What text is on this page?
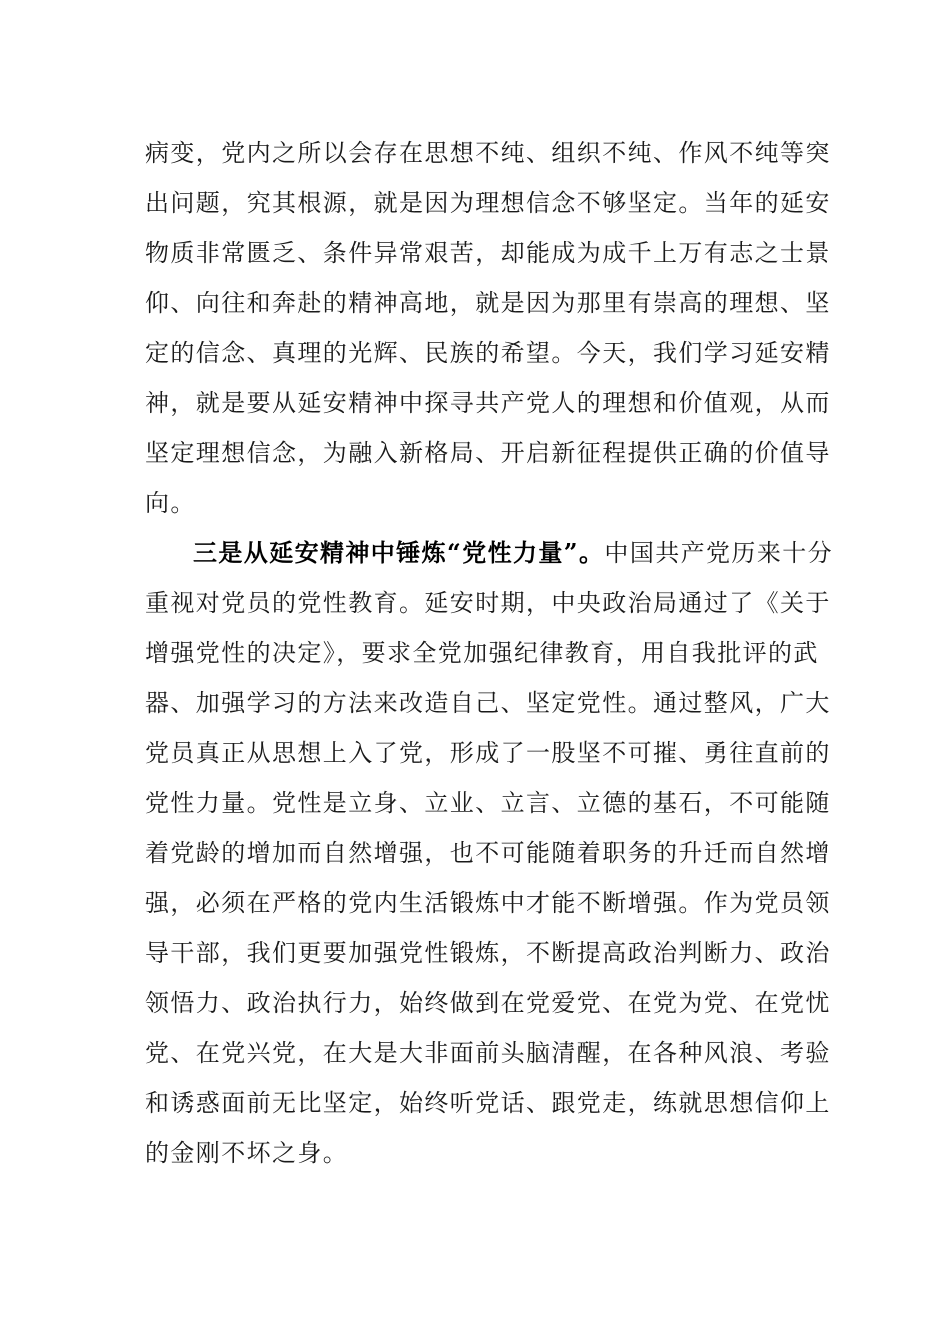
病变，党内之所以会存在思想不纯、组织不纯、作风不纯等突
出问题，究其根源，就是因为理想信念不够坚定。当年的延安
物质非常匮乏、条件异常艰苦，却能成为成千上万有志之士景
仰、向往和奔赴的精神高地，就是因为那里有崇高的理想、坚
定的信念、真理的光辉、民族的希望。今天，我们学习延安精
神，就是要从延安精神中探寻共产党人的理想和价值观，从而
坚定理想信念，为融入新格局、开启新征程提供正确的价值导
向。
三是从延安精神中锤炼“党性力量”。中国共产党历来十分
重视对党员的党性教育。延安时期，中央政治局通过了《关于
增强党性的决定》，要求全党加强纪律教育，用自我批评的武
器、加强学习的方法来改造自己、坚定党性。通过整风，广大
党员真正从思想上入了党，形成了一股坚不可摧、勇往直前的
党性力量。党性是立身、立业、立言、立德的基石，不可能随
着党龄的增加而自然增强，也不可能随着职务的升迁而自然增
强，必须在严格的党内生活锻炼中才能不断增强。作为党员领
导干部，我们更要加强党性锻炼，不断提高政治判断力、政治
领悟力、政治执行力，始终做到在党爱党、在党为党、在党忧
党、在党兴党，在大是大非面前头脑清醒，在各种风浪、考验
和诱惑面前无比坚定，始终听党话、跟党走，练就思想信仰上
的金刚不坏之身。
